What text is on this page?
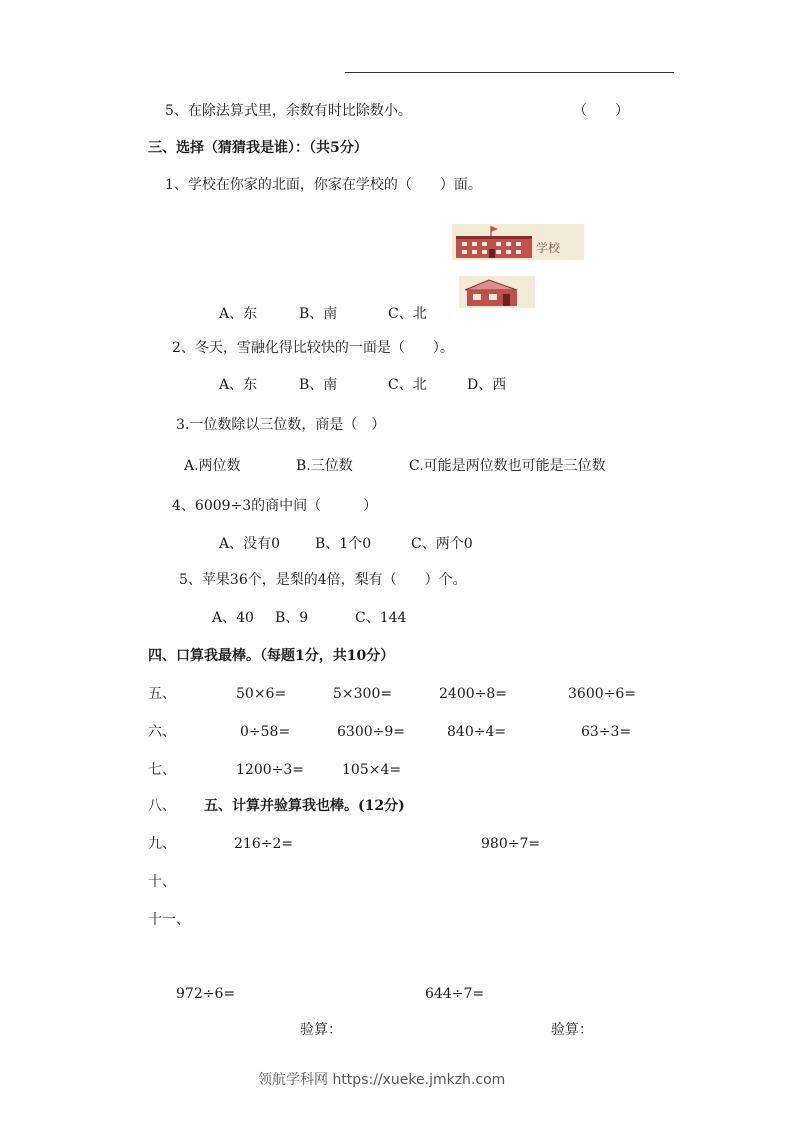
5、在除法算式里，余数有时比除数小。	（　　）
三、选择（猜猜我是谁）：（共5分）
1、学校在你家的北面，你家在学校的（　　）面。
学校
A、东	B、南	C、北
2、冬天，雪融化得比较快的一面是（　　）。
A、东	B、南	C、北	D、西
3.一位数除以三位数，商是（　）
A.两位数	B.三位数	C.可能是两位数也可能是三位数
4、6009÷3的商中间（　　　）
A、没有0 B、1个0	C、两个0
5、苹果36个，是梨的4倍，梨有（　　）个。
A、40 B、9	C、144
四、口算我最棒。（每题1分，共10分）
五、	50×6=	5×300=	2400÷8=	3600÷6=
六、	0÷58=	6300÷9=	840÷4=	63÷3=
七、	1200÷3=	105×4=
八、 五、计算并验算我也棒。(12分)
九、	216÷2=	980÷7=
十、
十一、
972÷6=	644÷7=
验算：	验算：
领航学科网 https://xueke.jmkzh.com
